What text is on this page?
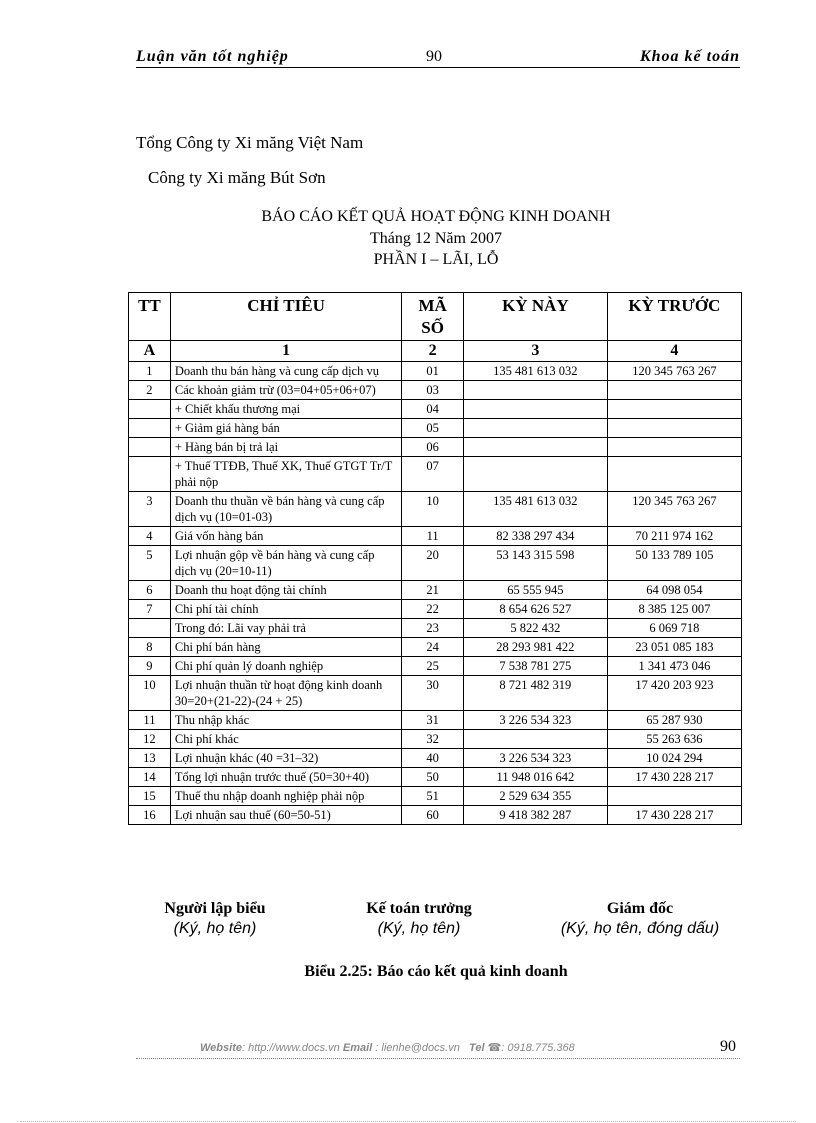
Luận văn tốt nghiệp	90	Khoa kế toán
Tổng Công ty Xi măng Việt Nam
Công ty Xi măng Bút Sơn
BÁO CÁO KẾT QUẢ HOẠT ĐỘNG KINH DOANH
Tháng 12 Năm 2007
PHẦN I – LÃI, LỖ
TT	CHỈ TIÊU	MÃ SỐ	KỲ NÀY	KỲ TRƯỚC
A	1	2	3	4
1	Doanh thu bán hàng và cung cấp dịch vụ	01	135 481 613 032	120 345 763 267
2	Các khoản giảm trừ (03=04+05+06+07)	03		
	+ Chiết khấu thương mại	04		
	+ Giảm giá hàng bán	05		
	+ Hàng bán bị trả lại	06		
	+ Thuế TTĐB, Thuế XK, Thuế GTGT Tr/T phải nộp	07		
3	Doanh thu thuần về bán hàng và cung cấp dịch vụ (10=01-03)	10	135 481 613 032	120 345 763 267
4	Giá vốn hàng bán	11	82 338 297 434	70 211 974 162
5	Lợi nhuận gộp về bán hàng và cung cấp dịch vụ (20=10-11)	20	53 143 315 598	50 133 789 105
6	Doanh thu hoạt động tài chính	21	65 555 945	64 098 054
7	Chi phí tài chính	22	8 654 626 527	8 385 125 007
	Trong đó: Lãi vay phải trả	23	5 822 432	6 069 718
8	Chi phí bán hàng	24	28 293 981 422	23 051 085 183
9	Chi phí quản lý doanh nghiệp	25	7 538 781 275	1 341 473 046
10	Lợi nhuận thuần từ hoạt động kinh doanh 30=20+(21-22)-(24 + 25)	30	8 721 482 319	17 420 203 923
11	Thu nhập khác	31	3 226 534 323	65 287 930
12	Chi phí khác	32		55 263 636
13	Lợi nhuận khác (40 =31–32)	40	3 226 534 323	10 024 294
14	Tổng lợi nhuận trước thuế (50=30+40)	50	11 948 016 642	17 430 228 217
15	Thuế thu nhập doanh nghiệp phải nộp	51	2 529 634 355	
16	Lợi nhuận sau thuế (60=50-51)	60	9 418 382 287	17 430 228 217
Người lập biểu
(Ký, họ tên)
Kế toán trưởng
(Ký, họ tên)
Giám đốc
(Ký, họ tên, đóng dấu)
Biểu 2.25: Báo cáo kết quả kinh doanh
Website: http://www.docs.vn Email : lienhe@docs.vn Tel ☎: 0918.775.368	90
